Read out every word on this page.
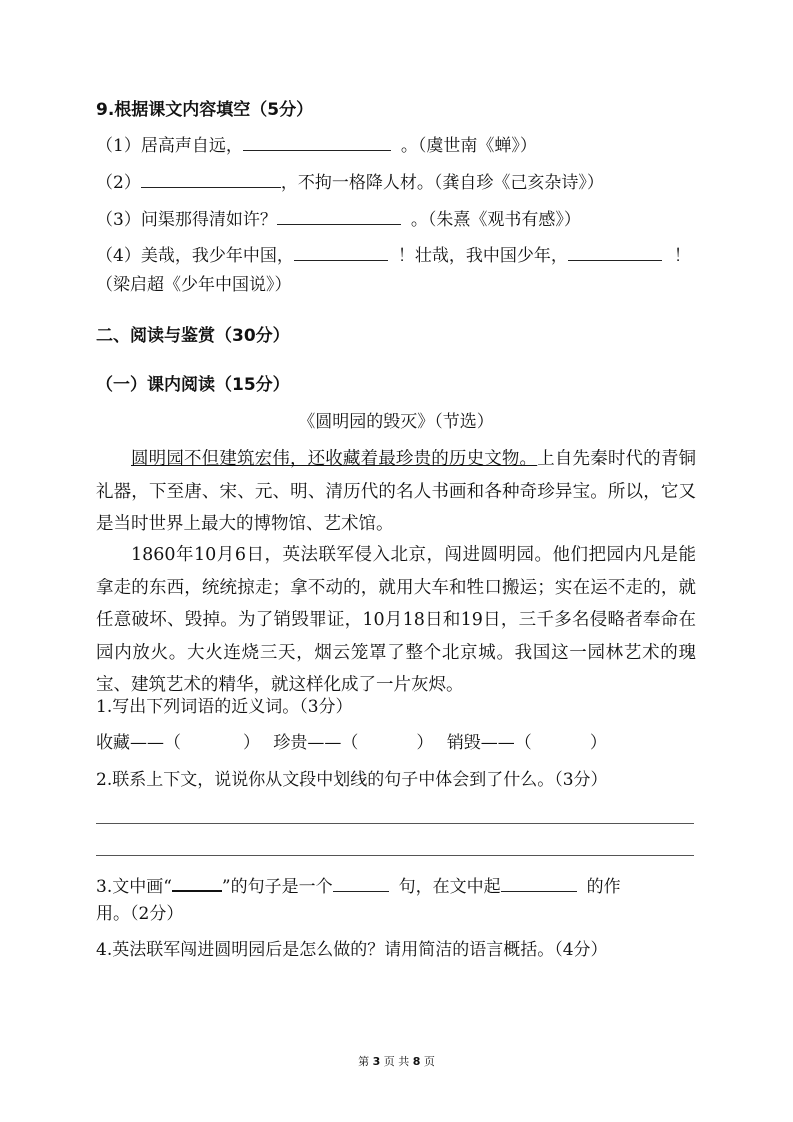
9.根据课文内容填空（5分）
（1）居高声自远，	。（虞世南《蝉》）
（2）	，不拘一格降人材。（龚自珍《己亥杂诗》）
（3）问渠那得清如许？	。（朱熹《观书有感》）
（4）美哉，我少年中国，	！壮哉，我中国少年，	！
（梁启超《少年中国说》）
二、阅读与鉴赏（30分）
（一）课内阅读（15分）
《圆明园的毁灭》（节选）
圆明园不但建筑宏伟，还收藏着最珍贵的历史文物。上自先秦时代的青铜礼器，下至唐、宋、元、明、清历代的名人书画和各种奇珍异宝。所以，它又是当时世界上最大的博物馆、艺术馆。
1860年10月6日，英法联军侵入北京，闯进圆明园。他们把园内凡是能拿走的东西，统统掠走；拿不动的，就用大车和牲口搬运；实在运不走的，就任意破坏、毁掉。为了销毁罪证，10月18日和19日，三千多名侵略者奉命在园内放火。大火连烧三天，烟云笼罩了整个北京城。我国这一园林艺术的瑰宝、建筑艺术的精华，就这样化成了一片灰烬。
1.写出下列词语的近义词。（3分）
收藏——（	） 珍贵——（	） 销毁——（	）
2.联系上下文，说说你从文段中划线的句子中体会到了什么。（3分）
3.文中画“	”的句子是一个	句，在文中起	的作
用。（2分）
4.英法联军闯进圆明园后是怎么做的？请用简洁的语言概括。（4分）
第 3 页 共 8 页
